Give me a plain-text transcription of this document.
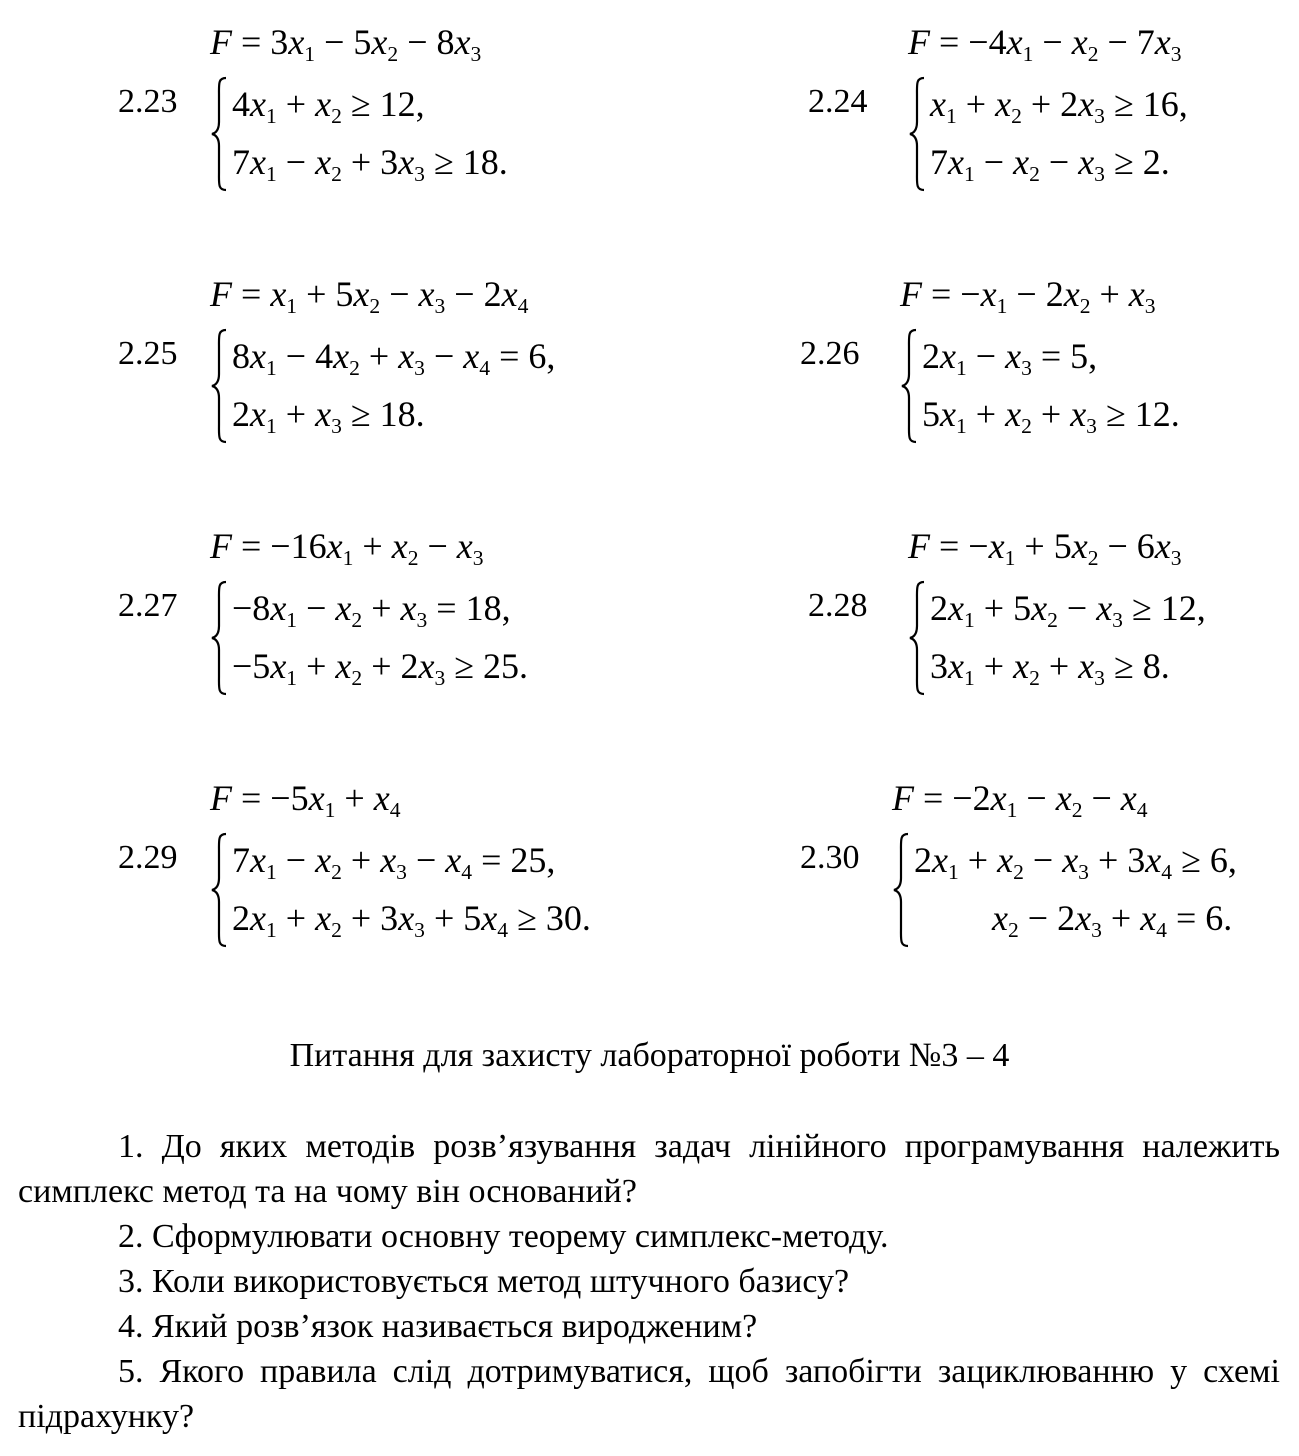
2.23
$F = 3x_1 - 5x_2 - 8x_3$
$4x_1 + x_2 \ge 12$,
$7x_1 - x_2 + 3x_3 \ge 18$.
2.24
$F = -4x_1 - x_2 - 7x_3$
$x_1 + x_2 + 2x_3 \ge 16$,
$7x_1 - x_2 - x_3 \ge 2$.
2.25
$F = x_1 + 5x_2 - x_3 - 2x_4$
$8x_1 - 4x_2 + x_3 - x_4 = 6$,
$2x_1 + x_3 \ge 18$.
2.26
$F = -x_1 - 2x_2 + x_3$
$2x_1 - x_3 = 5$,
$5x_1 + x_2 + x_3 \ge 12$.
2.27
$F = -16x_1 + x_2 - x_3$
$-8x_1 - x_2 + x_3 = 18$,
$-5x_1 + x_2 + 2x_3 \ge 25$.
2.28
$F = -x_1 + 5x_2 - 6x_3$
$2x_1 + 5x_2 - x_3 \ge 12$,
$3x_1 + x_2 + x_3 \ge 8$.
2.29
$F = -5x_1 + x_4$
$7x_1 - x_2 + x_3 - x_4 = 25$,
$2x_1 + x_2 + 3x_3 + 5x_4 \ge 30$.
2.30
$F = -2x_1 - x_2 - x_4$
$2x_1 + x_2 - x_3 + 3x_4 \ge 6$,
$x_2 - 2x_3 + x_4 = 6$.
Питання для захисту лабораторної роботи №3 – 4

1. До яких методів розв’язування задач лінійного програмування належить симплекс метод та на чому він оснований?

2. Сформулювати основну теорему симплекс-методу.

3. Коли використовується метод штучного базису?

4. Який розв’язок називається виродженим?

5. Якого правила слід дотримуватися, щоб запобігти зациклюванню у схемі підрахунку?
